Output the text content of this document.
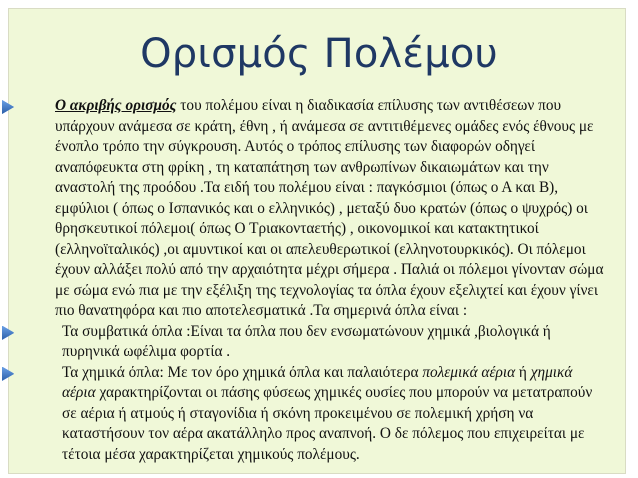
Ορισμός Πολέμου
Ο ακριβής ορισμός του πολέμου είναι η διαδικασία επίλυσης των αντιθέσεων που υπάρχουν ανάμεσα σε κράτη, έθνη , ή ανάμεσα σε αντιτιθέμενες ομάδες ενός έθνους με ένοπλο τρόπο την σύγκρουση. Αυτός ο τρόπος επίλυσης των διαφορών οδηγεί αναπόφευκτα στη φρίκη , τη καταπάτηση των ανθρωπίνων δικαιωμάτων και την αναστολή της προόδου .Τα ειδή του πολέμου είναι : παγκόσμιοι (όπως ο Α και Β), εμφύλιοι ( όπως ο Ισπανικός και ο ελληνικός) , μεταξύ δυο κρατών (όπως ο ψυχρός) οι θρησκευτικοί πόλεμοι( όπως Ο Τριακονταετής) , οικονομικοί και κατακτητικοί (ελληνοϊταλικός) ,οι αμυντικοί και οι απελευθερωτικοί (ελληνοτουρκικός). Οι πόλεμοι έχουν αλλάξει πολύ από την αρχαιότητα μέχρι σήμερα . Παλιά οι πόλεμοι γίνονταν σώμα με σώμα ενώ πια με την εξέλιξη της τεχνολογίας τα όπλα έχουν εξελιχτεί και έχουν γίνει πιο θανατηφόρα και πιο αποτελεσματικά .Τα σημερινά όπλα είναι :
Τα συμβατικά όπλα :Είναι τα όπλα που δεν ενσωματώνουν χημικά ,βιολογικά ή πυρηνικά ωφέλιμα φορτία .
Τα χημικά όπλα: Με τον όρο χημικά όπλα και παλαιότερα πολεμικά αέρια ή χημικά αέρια χαρακτηρίζονται οι πάσης φύσεως χημικές ουσίες που μπορούν να μετατραπούν σε αέρια ή ατμούς ή σταγονίδια ή σκόνη προκειμένου σε πολεμική χρήση να καταστήσουν τον αέρα ακατάλληλο προς αναπνοή. Ο δε πόλεμος που επιχειρείται με τέτοια μέσα χαρακτηρίζεται χημικούς πολέμους.
